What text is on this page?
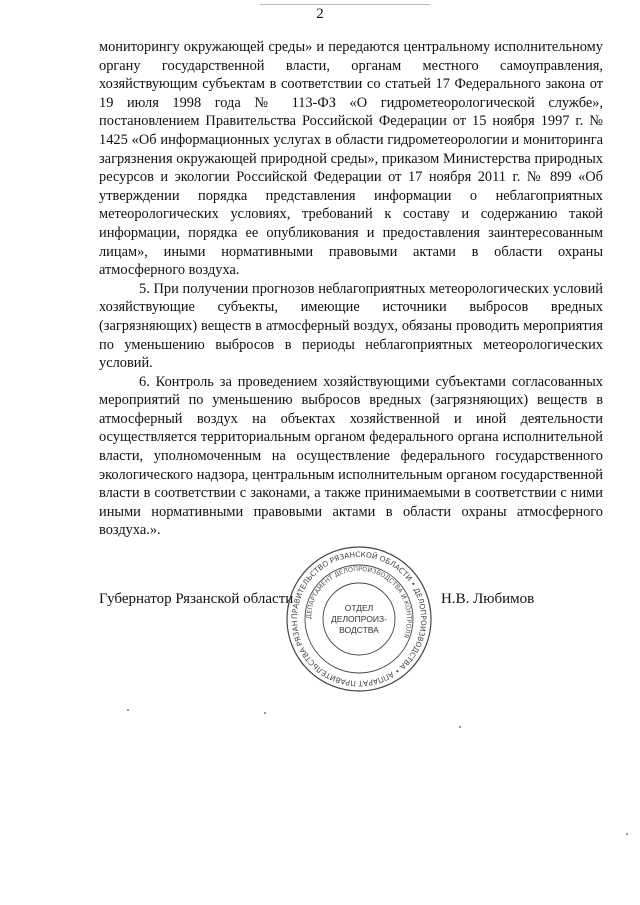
2

мониторингу окружающей среды» и передаются центральному исполнительному органу государственной власти, органам местного самоуправления, хозяйствующим субъектам в соответствии со статьей 17 Федерального закона от 19 июля 1998 года № 113-ФЗ «О гидрометеорологической службе», постановлением Правительства Российской Федерации от 15 ноября 1997 г. № 1425 «Об информационных услугах в области гидрометеорологии и мониторинга загрязнения окружающей природной среды», приказом Министерства природных ресурсов и экологии Российской Федерации от 17 ноября 2011 г. № 899 «Об утверждении порядка представления информации о неблагоприятных метеорологических условиях, требований к составу и содержанию такой информации, порядка ее опубликования и предоставления заинтересованным лицам», иными нормативными правовыми актами в области охраны атмосферного воздуха.

5. При получении прогнозов неблагоприятных метеорологических условий хозяйствующие субъекты, имеющие источники выбросов вредных (загрязняющих) веществ в атмосферный воздух, обязаны проводить мероприятия по уменьшению выбросов в периоды неблагоприятных метеорологических условий.

6. Контроль за проведением хозяйствующими субъектами согласованных мероприятий по уменьшению выбросов вредных (загрязняющих) веществ в атмосферный воздух на объектах хозяйственной и иной деятельности осуществляется территориальным органом федерального органа исполнительной власти, уполномоченным на осуществление федерального государственного экологического надзора, центральным исполнительным органом государственной власти в соответствии с законами, а также принимаемыми в соответствии с ними иными нормативными правовыми актами в области охраны атмосферного воздуха.».

Губернатор Рязанской области
ПРАВИТЕЛЬСТВО РЯЗАНСКОЙ ОБЛАСТИ • ДЕЛОПРОИЗВОДСТВА • АППАРАТ ПРАВИТЕЛЬСТВА РЯЗАН
ДЕПАРТАМЕНТ ДЕЛОПРОИЗВОДСТВА И КОНТРОЛЯ
ОТДЕЛ
ДЕЛОПРОИЗ-
ВОДСТВА
Н.В. Любимов
